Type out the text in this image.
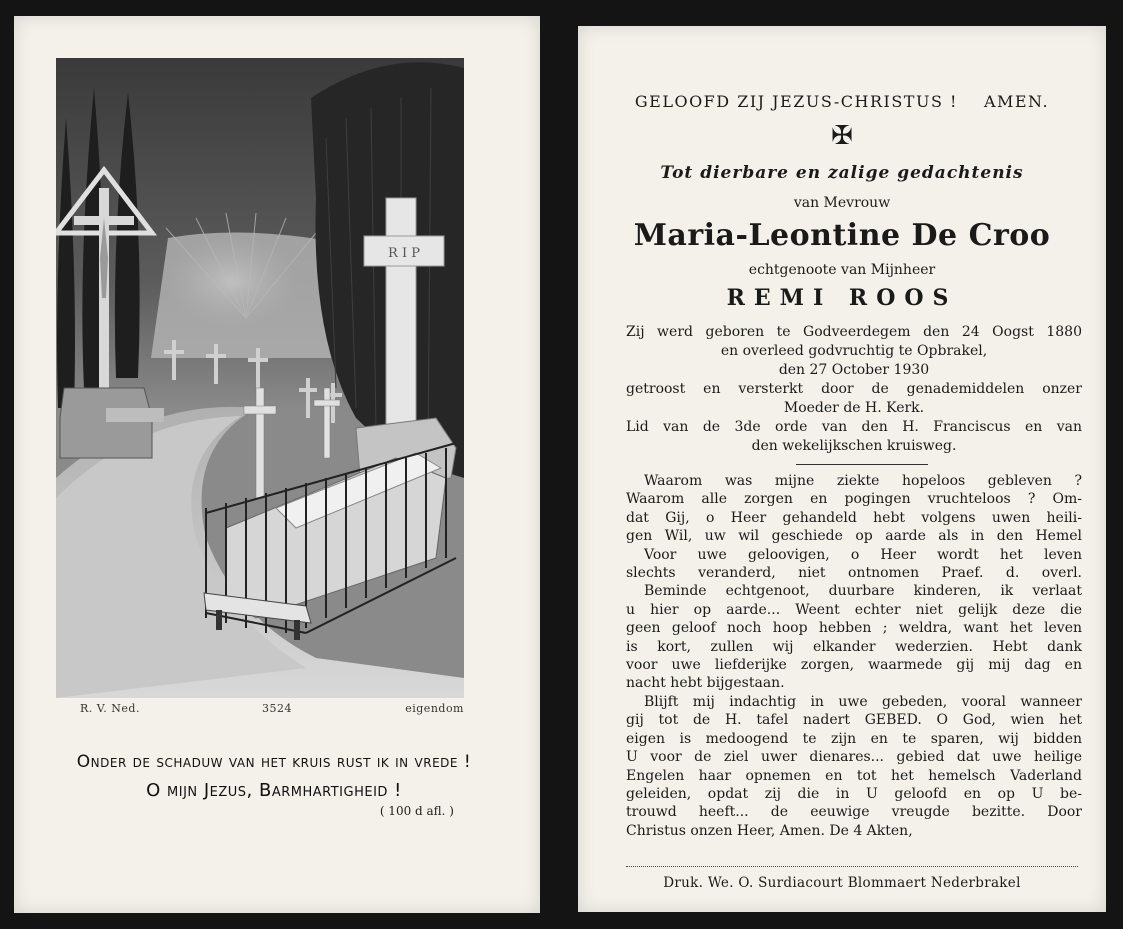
R I P
R. V. Ned.	3524	eigendom
Onder de schaduw van het kruis rust ik in vrede !
O mijn Jezus, Barmhartigheid !
( 100 d afl. )
GELOOFD ZIJ JEZUS-CHRISTUS ! AMEN.
✠
Tot dierbare en zalige gedachtenis
van Mevrouw
Maria-Leontine De Croo
echtgenoote van Mijnheer
REMI ROOS
Zij werd geboren te Godveerdegem den 24 Oogst 1880
en overleed godvruchtig te Opbrakel,
den 27 October 1930
getroost en versterkt door de genademiddelen onzer
Moeder de H. Kerk.
Lid van de 3de orde van den H. Franciscus en van
den wekelijkschen kruisweg.
Waarom was mijne ziekte hopeloos gebleven ?
Waarom alle zorgen en pogingen vruchteloos ? Om-
dat Gij, o Heer gehandeld hebt volgens uwen heili-
gen Wil, uw wil geschiede op aarde als in den Hemel
Voor uwe geloovigen, o Heer wordt het leven
slechts veranderd, niet ontnomen Praef. d. overl.
Beminde echtgenoot, duurbare kinderen, ik verlaat
u hier op aarde... Weent echter niet gelijk deze die
geen geloof noch hoop hebben ; weldra, want het leven
is kort, zullen wij elkander wederzien. Hebt dank
voor uwe liefderijke zorgen, waarmede gij mij dag en
nacht hebt bijgestaan.
Blijft mij indachtig in uwe gebeden, vooral wanneer
gij tot de H. tafel nadert GEBED. O God, wien het
eigen is medoogend te zijn en te sparen, wij bidden
U voor de ziel uwer dienares... gebied dat uwe heilige
Engelen haar opnemen en tot het hemelsch Vaderland
geleiden, opdat zij die in U geloofd en op U be-
trouwd heeft... de eeuwige vreugde bezitte. Door
Christus onzen Heer, Amen. De 4 Akten,
Druk. We. O. Surdiacourt Blommaert Nederbrakel
